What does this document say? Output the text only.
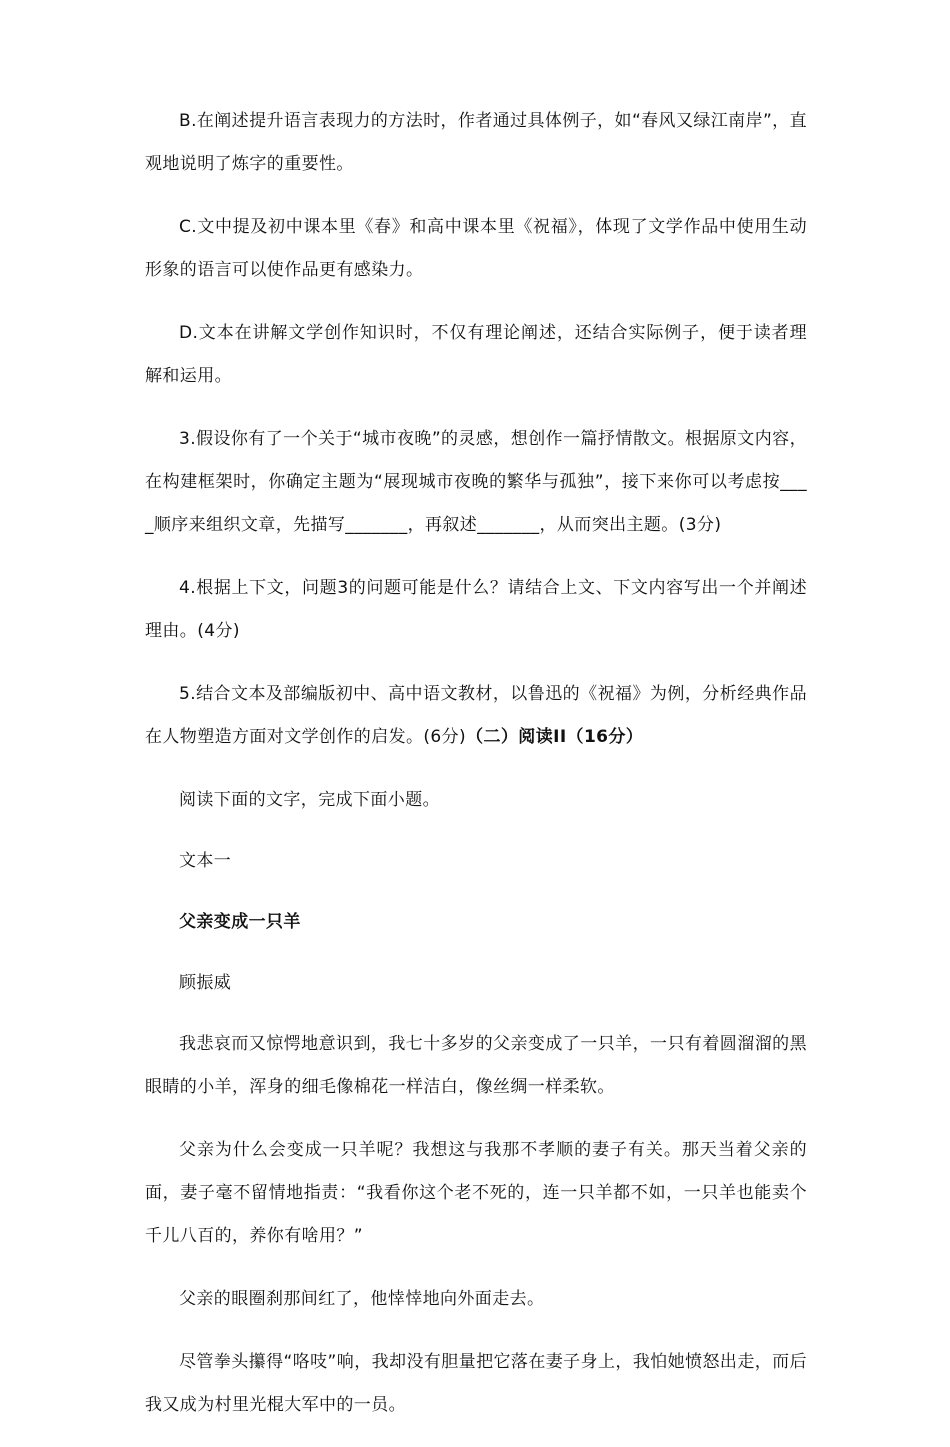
B.在阐述提升语言表现力的方法时，作者通过具体例子，如“春风又绿江南岸”，直观地说明了炼字的重要性。

C.文中提及初中课本里《春》和高中课本里《祝福》，体现了文学作品中使用生动形象的语言可以使作品更有感染力。

D.文本在讲解文学创作知识时，不仅有理论阐述，还结合实际例子，便于读者理解和运用。

3.假设你有了一个关于“城市夜晚”的灵感，想创作一篇抒情散文。根据原文内容，在构建框架时，你确定主题为“展现城市夜晚的繁华与孤独”，接下来你可以考虑按____顺序来组织文章，先描写_______，再叙述_______，从而突出主题。(3分)

4.根据上下文，问题3的问题可能是什么？请结合上文、下文内容写出一个并阐述理由。(4分)

5.结合文本及部编版初中、高中语文教材，以鲁迅的《祝福》为例，分析经典作品在人物塑造方面对文学创作的启发。(6分)（二）阅读II（16分）

阅读下面的文字，完成下面小题。

文本一

父亲变成一只羊

顾振威

我悲哀而又惊愕地意识到，我七十多岁的父亲变成了一只羊，一只有着圆溜溜的黑眼睛的小羊，浑身的细毛像棉花一样洁白，像丝绸一样柔软。

父亲为什么会变成一只羊呢？我想这与我那不孝顺的妻子有关。那天当着父亲的面，妻子毫不留情地指责：“我看你这个老不死的，连一只羊都不如，一只羊也能卖个千儿八百的，养你有啥用？”

父亲的眼圈刹那间红了，他悻悻地向外面走去。

尽管拳头攥得“咯吱”响，我却没有胆量把它落在妻子身上，我怕她愤怒出走，而后我又成为村里光棍大军中的一员。
